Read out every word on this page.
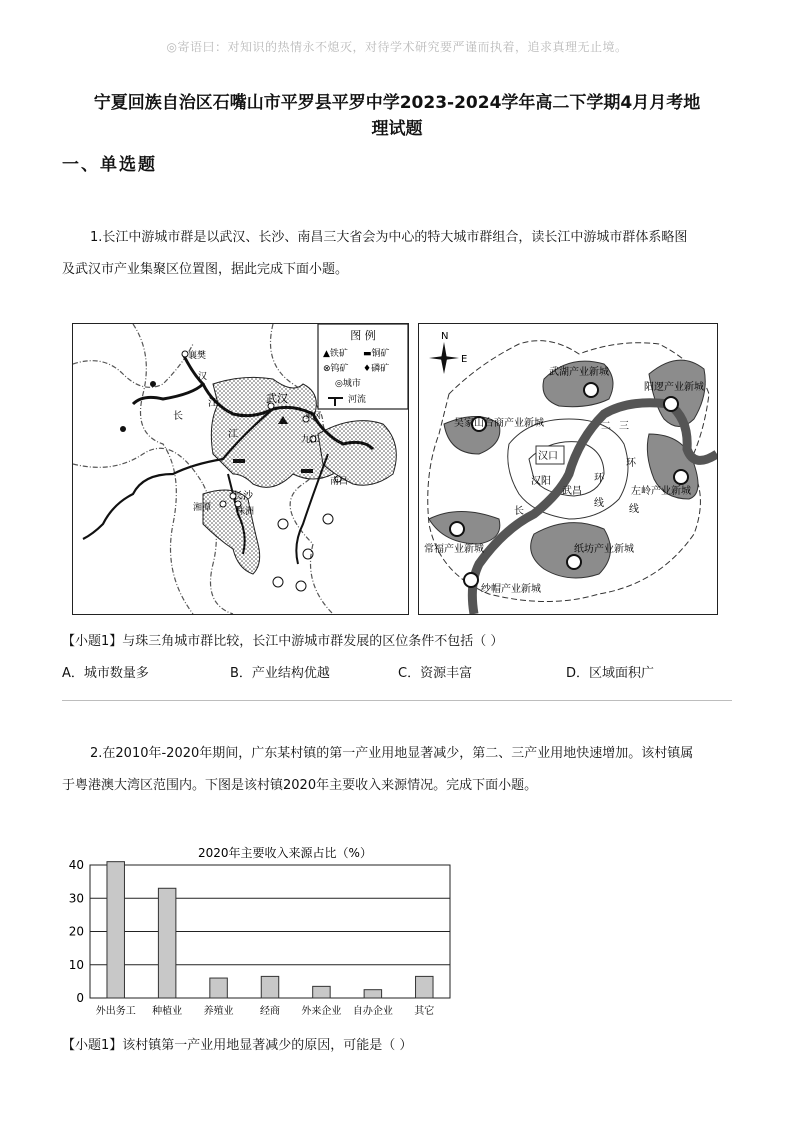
◎寄语曰：对知识的热情永不熄灭，对待学术研究要严谨而执着，追求真理无止境。
宁夏回族自治区石嘴山市平罗县平罗中学2023-2024学年高二下学期4月月考地
理试题
一、单选题
1.长江中游城市群是以武汉、长沙、南昌三大省会为中心的特大城市群组合，读长江中游城市群体系略图
及武汉市产业集聚区位置图，据此完成下面小题。
图 例
▲铁矿 ▬铜矿
⊗钨矿 ♦磷矿
◎城市
河流
襄樊
汉
江	武汉
长	黄冈
江	九江
南昌
长沙
株洲
湘潭
N
E
武湖产业新城
阳逻产业新城
吴家山台商产业新城
汉口
汉阳
武昌
二 三
环
环
线
线
长
左岭产业新城
常福产业新城	纸坊产业新城
纱帽产业新城
【小题1】与珠三角城市群比较，长江中游城市群发展的区位条件不包括（ ）
A．城市数量多	B．产业结构优越	C．资源丰富	D．区域面积广
2.在2010年-2020年期间，广东某村镇的第一产业用地显著减少，第二、三产业用地快速增加。该村镇属
于粤港澳大湾区范围内。下图是该村镇2020年主要收入来源情况。完成下面小题。
2020年主要收入来源占比（%）
0
10
20
30
40
外出务工 种植业 养殖业	经商 外来企业 自办企业 其它
【小题1】该村镇第一产业用地显著减少的原因，可能是（ ）
